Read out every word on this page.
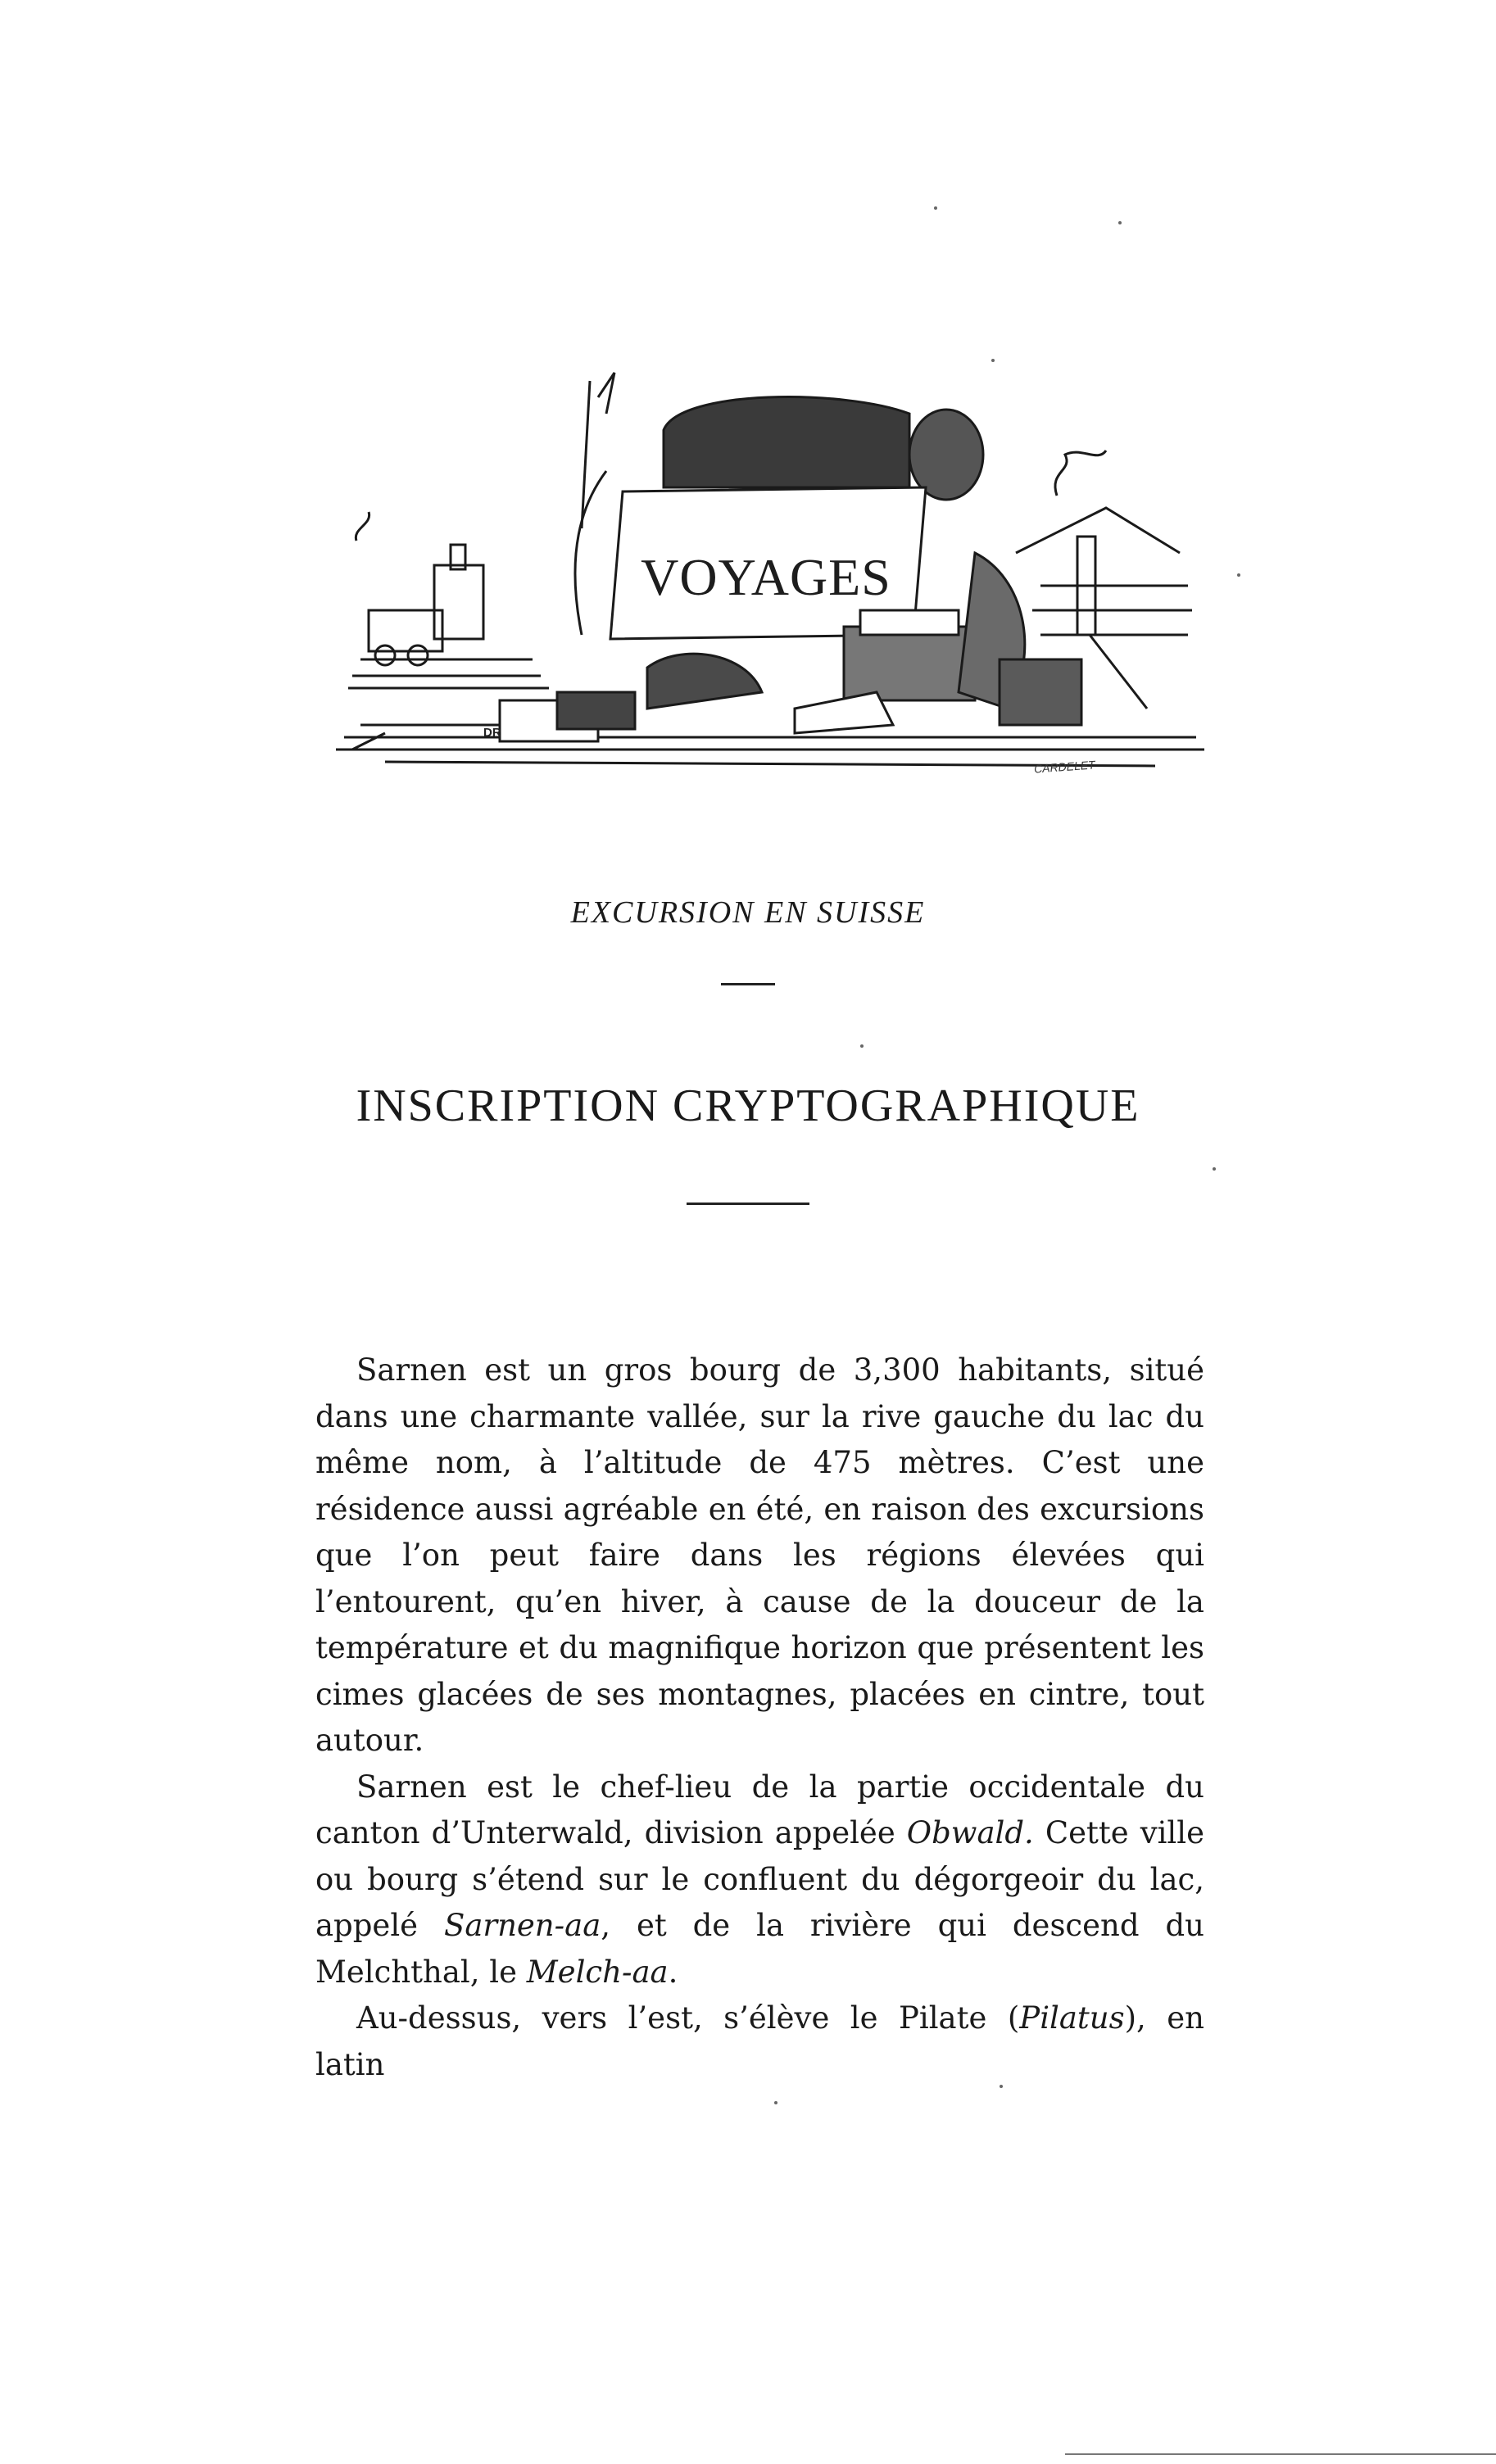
VOYAGES
DR
CARDELET
EXCURSION EN SUISSE
INSCRIPTION CRYPTOGRAPHIQUE

Sarnen est un gros bourg de 3,300 habitants, situé dans une charmante vallée, sur la rive gauche du lac du même nom, à l’altitude de 475 mètres. C’est une résidence aussi agréable en été, en raison des excursions que l’on peut faire dans les régions élevées qui l’entourent, qu’en hiver, à cause de la douceur de la température et du magnifique horizon que présentent les cimes glacées de ses montagnes, placées en cintre, tout autour.

Sarnen est le chef-lieu de la partie occidentale du canton d’Unterwald, division appelée Obwald. Cette ville ou bourg s’étend sur le confluent du dégorgeoir du lac, appelé Sarnen-aa, et de la rivière qui descend du Melchthal, le Melch-aa.

Au-dessus, vers l’est, s’élève le Pilate (Pilatus), en latin
